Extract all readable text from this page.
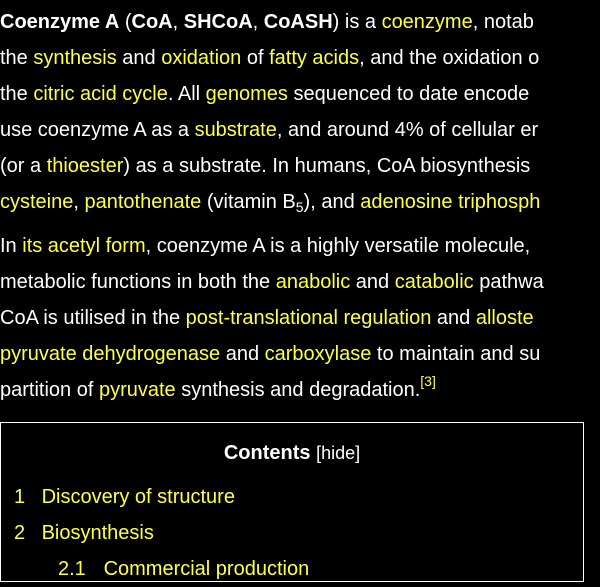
Coenzyme A (CoA, SHCoA, CoASH) is a coenzyme, notab
the synthesis and oxidation of fatty acids, and the oxidation o
the citric acid cycle. All genomes sequenced to date encode
use coenzyme A as a substrate, and around 4% of cellular er
(or a thioester) as a substrate. In humans, CoA biosynthesis
cysteine, pantothenate (vitamin $B_5$), and adenosine triphosph
In its acetyl form, coenzyme A is a highly versatile molecule,
metabolic functions in both the anabolic and catabolic pathwa
CoA is utilised in the post-translational regulation and alloste
pyruvate dehydrogenase and carboxylase to maintain and su
partition of pyruvate synthesis and degradation.[3]
Contents [hide]
1 Discovery of structure
2 Biosynthesis
2.1 Commercial production
